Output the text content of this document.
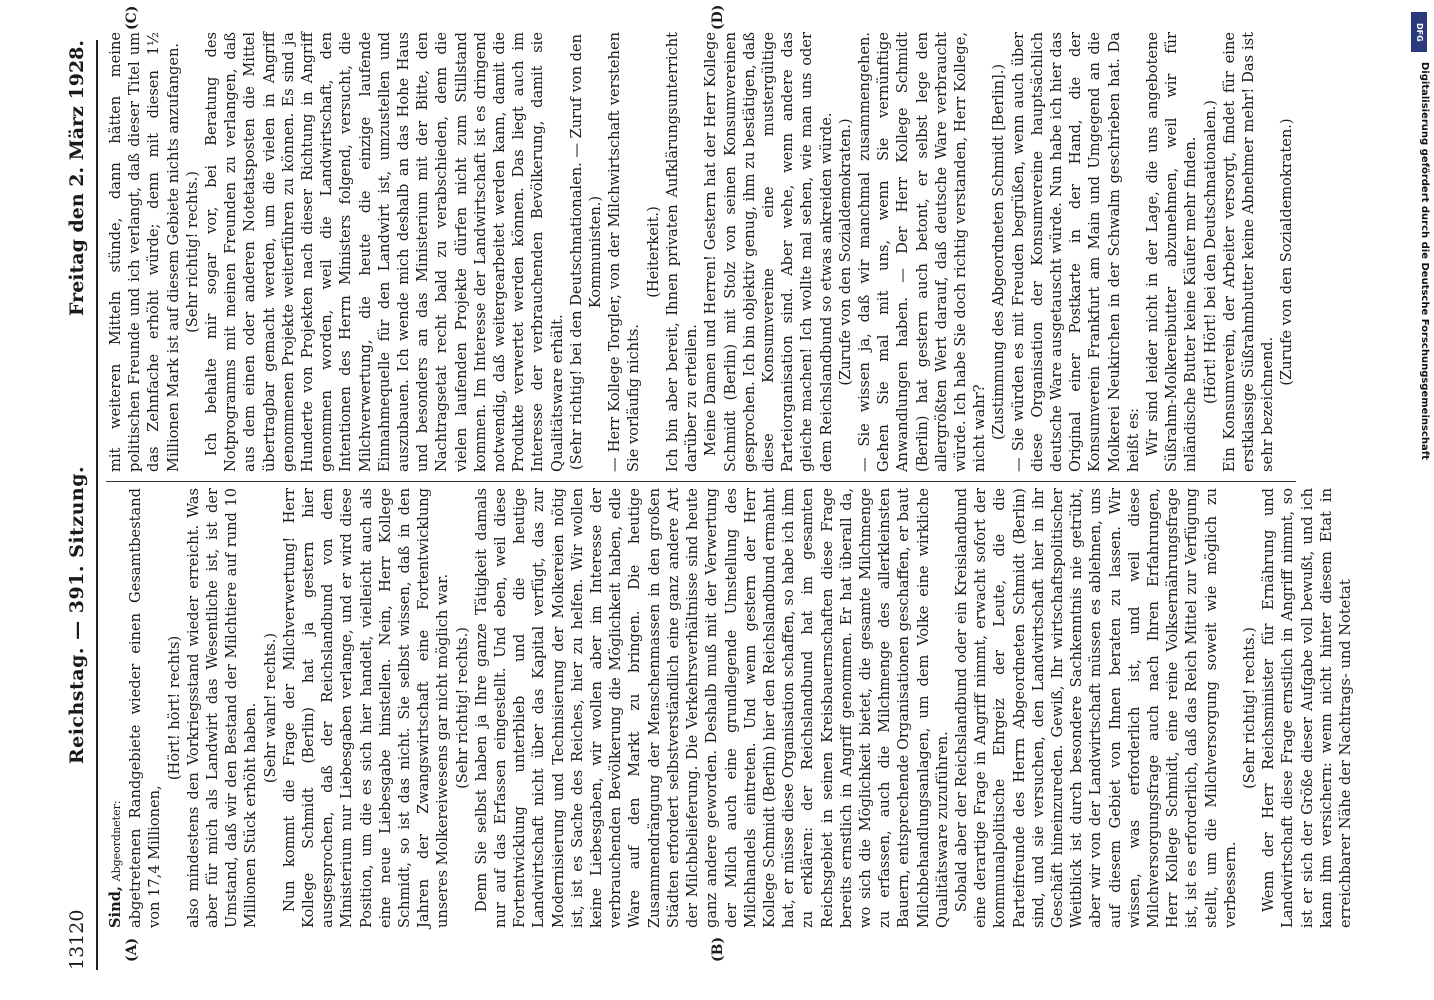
13120
Reichstag. — 391. Sitzung.
Freitag den 2. März 1928.
(A)	(B)
(C)	(D)

Sind, Abgeordneter: abgetretenen Randgebiete wieder einen Gesamtbestand von 17,4 Millionen,

(Hört! hört! rechts) also mindestens den Vorkriegsstand wieder erreicht. Was aber für mich als Landwirt das Wesentliche ist, ist der Umstand, daß wir den Bestand der Milchtiere auf rund 10 Millionen Stück erhöht haben. (Sehr wahr! rechts.) Nun kommt die Frage der Milchverwertung! Herr Kollege Schmidt (Berlin) hat ja gestern hier ausgesprochen, daß der Reichslandbund von dem Ministerium nur Liebesgaben verlange, und er wird diese Position, um die es sich hier handelt, vielleicht auch als eine neue Liebesgabe hinstellen. Nein, Herr Kollege Schmidt, so ist das nicht. Sie selbst wissen, daß in den Jahren der Zwangswirtschaft eine Fortentwicklung unseres Molkereiwesens gar nicht möglich war. (Sehr richtig! rechts.) Denn Sie selbst haben ja Ihre ganze Tätigkeit damals nur auf das Erfassen eingestellt. Und eben, weil diese Fortentwicklung unterblieb und die heutige Landwirtschaft nicht über das Kapital verfügt, das zur Modernisierung und Technisierung der Molkereien nötig ist, ist es Sache des Reiches, hier zu helfen. Wir wollen keine Liebesgaben, wir wollen aber im Interesse der verbrauchenden Bevölkerung die Möglichkeit haben, edle Ware auf den Markt zu bringen. Die heutige Zusammendrängung der Menschenmassen in den großen Städten erfordert selbstverständlich eine ganz andere Art der Milchbelieferung. Die Verkehrsverhältnisse sind heute ganz andere geworden. Deshalb muß mit der Verwertung der Milch auch eine grundlegende Umstellung des Milchhandels eintreten. Und wenn gestern der Herr Kollege Schmidt (Berlin) hier den Reichslandbund ermahnt hat, er müsse diese Organisation schaffen, so habe ich ihm zu erklären: der Reichslandbund hat im gesamten Reichsgebiet in seinen Kreisbauernschaften diese Frage bereits ernstlich in Angriff genommen. Er hat überall da, wo sich die Möglichkeit bietet, die gesamte Milchmenge zu erfassen, auch die Milchmenge des allerkleinsten Bauern, entsprechende Organisationen geschaffen, er baut Milchbehandlungsanlagen, um dem Volke eine wirkliche Qualitätsware zuzuführen. Sobald aber der Reichslandbund oder ein Kreislandbund eine derartige Frage in Angriff nimmt, erwacht sofort der kommunalpolitische Ehrgeiz der Leute, die die Parteifreunde des Herrn Abgeordneten Schmidt (Berlin) sind, und sie versuchen, den Landwirtschaft hier in ihr Geschäft hineinzureden. Gewiß, Ihr wirtschaftspolitischer Weitblick ist durch besondere Sachkenntnis nie getrübt, aber wir von der Landwirtschaft müssen es ablehnen, uns auf diesem Gebiet von Ihnen beraten zu lassen. Wir wissen, was erforderlich ist, und weil diese Milchversorgungsfrage auch nach Ihren Erfahrungen, Herr Kollege Schmidt, eine reine Volksernährungsfrage ist, ist es erforderlich, daß das Reich Mittel zur Verfügung stellt, um die Milchversorgung soweit wie möglich zu verbessern.

(Sehr richtig! rechts.) Wenn der Herr Reichsminister für Ernährung und Landwirtschaft diese Frage ernstlich in Angriff nimmt, so ist er sich der Größe dieser Aufgabe voll bewußt, und ich kann ihm versichern: wenn nicht hinter diesem Etat in erreichbarer Nähe der Nachtrags- und Notetat

mit weiteren Mitteln stünde, dann hätten meine politischen Freunde und ich verlangt, daß dieser Titel um das Zehnfache erhöht würde; denn mit diesen 1½ Millionen Mark ist auf diesem Gebiete nichts anzufangen. (Sehr richtig! rechts.) Ich behalte mir sogar vor, bei Beratung des Notprogramms mit meinen Freunden zu verlangen, daß aus dem einen oder anderen Notetatsposten die Mittel übertragbar gemacht werden, um die vielen in Angriff genommenen Projekte weiterführen zu können. Es sind ja Hunderte von Projekten nach dieser Richtung in Angriff genommen worden, weil die Landwirtschaft, den Intentionen des Herrn Ministers folgend, versucht, die Milchverwertung, die heute die einzige laufende Einnahmequelle für den Landwirt ist, umzustellen und auszubauen. Ich wende mich deshalb an das Hohe Haus und besonders an das Ministerium mit der Bitte, den Nachtragsetat recht bald zu verabschieden, denn die vielen laufenden Projekte dürfen nicht zum Stillstand kommen. Im Interesse der Landwirtschaft ist es dringend notwendig, daß weitergearbeitet werden kann, damit die Produkte verwertet werden können. Das liegt auch im Interesse der verbrauchenden Bevölkerung, damit sie Qualitätsware erhält. (Sehr richtig! bei den Deutschnationalen. — Zuruf von den Kommunisten.) — Herr Kollege Torgler, von der Milchwirtschaft verstehen Sie vorläufig nichts.

(Heiterkeit.) Ich bin aber bereit, Ihnen privaten Aufklärungsunterricht darüber zu erteilen. Meine Damen und Herren! Gestern hat der Herr Kollege Schmidt (Berlin) mit Stolz von seinen Konsumvereinen gesprochen. Ich bin objektiv genug, ihm zu bestätigen, daß diese Konsumvereine eine mustergültige Parteiorganisation sind. Aber wehe, wenn andere das gleiche machen! Ich wollte mal sehen, wie man uns oder dem Reichslandbund so etwas ankreiden würde. (Zurufe von den Sozialdemokraten.) — Sie wissen ja, daß wir manchmal zusammengehen. Gehen Sie mal mit uns, wenn Sie vernünftige Anwandlungen haben. — Der Herr Kollege Schmidt (Berlin) hat gestern auch betont, er selbst lege den allergrößten Wert darauf, daß deutsche Ware verbraucht würde. Ich habe Sie doch richtig verstanden, Herr Kollege, nicht wahr? (Zustimmung des Abgeordneten Schmidt [Berlin].) — Sie würden es mit Freuden begrüßen, wenn auch über diese Organisation der Konsumvereine hauptsächlich deutsche Ware ausgetauscht würde. Nun habe ich hier das Original einer Postkarte in der Hand, die der Konsumverein Frankfurt am Main und Umgegend an die Molkerei Neukirchen in der Schwalm geschrieben hat. Da heißt es: Wir sind leider nicht in der Lage, die uns angebotene Süßrahm-Molkereibutter abzunehmen, weil wir für inländische Butter keine Käufer mehr finden. (Hört! Hört! bei den Deutschnationalen.) Ein Konsumverein, der Arbeiter versorgt, findet für eine erstklassige Süßrahmbutter keine Abnehmer mehr! Das ist sehr bezeichnend.

(Zurufe von den Sozialdemokraten.)

DFG
Digitalisierung gefördert durch die Deutsche Forschungsgemeinschaft
